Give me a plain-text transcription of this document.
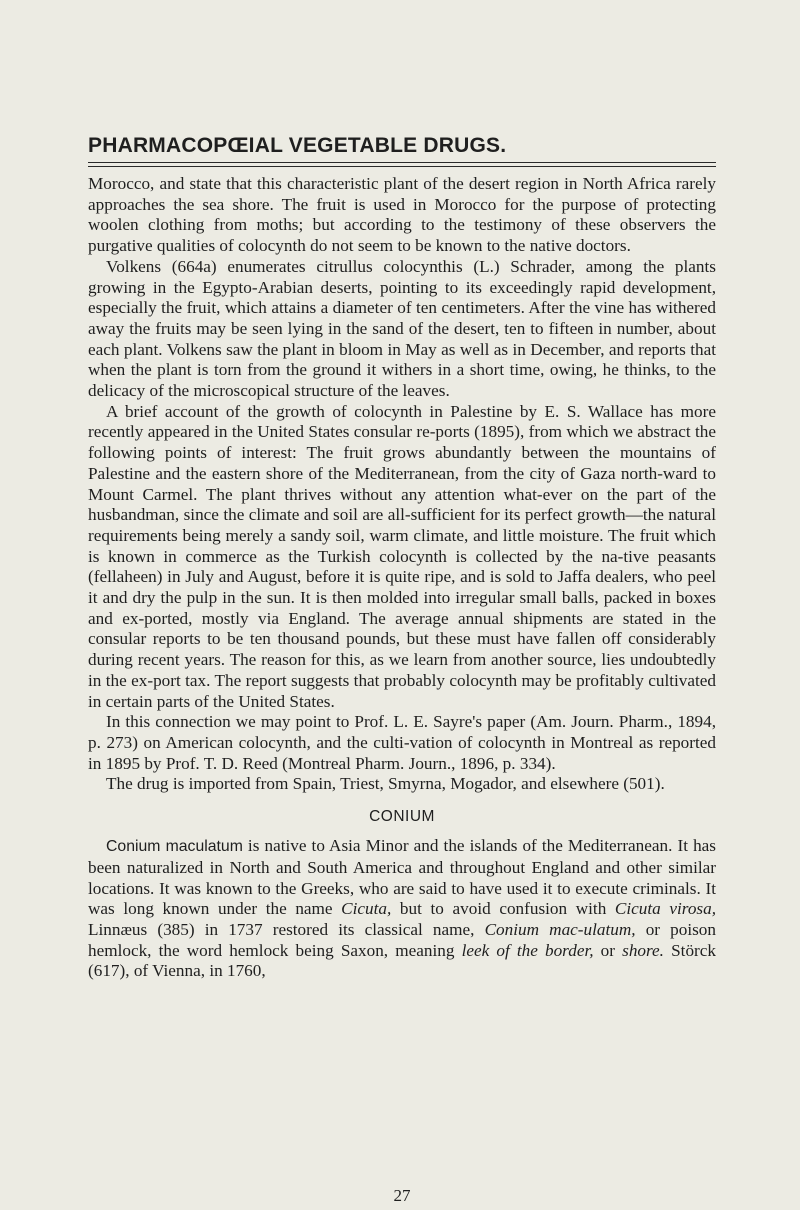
PHARMACOPŒIAL VEGETABLE DRUGS.

Morocco, and state that this characteristic plant of the desert region in North Africa rarely approaches the sea shore. The fruit is used in Morocco for the purpose of protecting woolen clothing from moths; but according to the testimony of these observers the purgative qualities of colocynth do not seem to be known to the native doctors.

Volkens (664a) enumerates citrullus colocynthis (L.) Schrader, among the plants growing in the Egypto-Arabian deserts, pointing to its exceedingly rapid development, especially the fruit, which attains a diameter of ten centimeters. After the vine has withered away the fruits may be seen lying in the sand of the desert, ten to fifteen in number, about each plant. Volkens saw the plant in bloom in May as well as in December, and reports that when the plant is torn from the ground it withers in a short time, owing, he thinks, to the delicacy of the microscopical structure of the leaves.

A brief account of the growth of colocynth in Palestine by E. S. Wallace has more recently appeared in the United States consular re-ports (1895), from which we abstract the following points of interest: The fruit grows abundantly between the mountains of Palestine and the eastern shore of the Mediterranean, from the city of Gaza north-ward to Mount Carmel. The plant thrives without any attention what-ever on the part of the husbandman, since the climate and soil are all-sufficient for its perfect growth—the natural requirements being merely a sandy soil, warm climate, and little moisture. The fruit which is known in commerce as the Turkish colocynth is collected by the na-tive peasants (fellaheen) in July and August, before it is quite ripe, and is sold to Jaffa dealers, who peel it and dry the pulp in the sun. It is then molded into irregular small balls, packed in boxes and ex-ported, mostly via England. The average annual shipments are stated in the consular reports to be ten thousand pounds, but these must have fallen off considerably during recent years. The reason for this, as we learn from another source, lies undoubtedly in the ex-port tax. The report suggests that probably colocynth may be profitably cultivated in certain parts of the United States.

In this connection we may point to Prof. L. E. Sayre's paper (Am. Journ. Pharm., 1894, p. 273) on American colocynth, and the culti-vation of colocynth in Montreal as reported in 1895 by Prof. T. D. Reed (Montreal Pharm. Journ., 1896, p. 334).

The drug is imported from Spain, Triest, Smyrna, Mogador, and elsewhere (501).

CONIUM

Conium maculatum is native to Asia Minor and the islands of the Mediterranean. It has been naturalized in North and South America and throughout England and other similar locations. It was known to the Greeks, who are said to have used it to execute criminals. It was long known under the name Cicuta, but to avoid confusion with Cicuta virosa, Linnæus (385) in 1737 restored its classical name, Conium mac-ulatum, or poison hemlock, the word hemlock being Saxon, meaning leek of the border, or shore. Störck (617), of Vienna, in 1760,

27
